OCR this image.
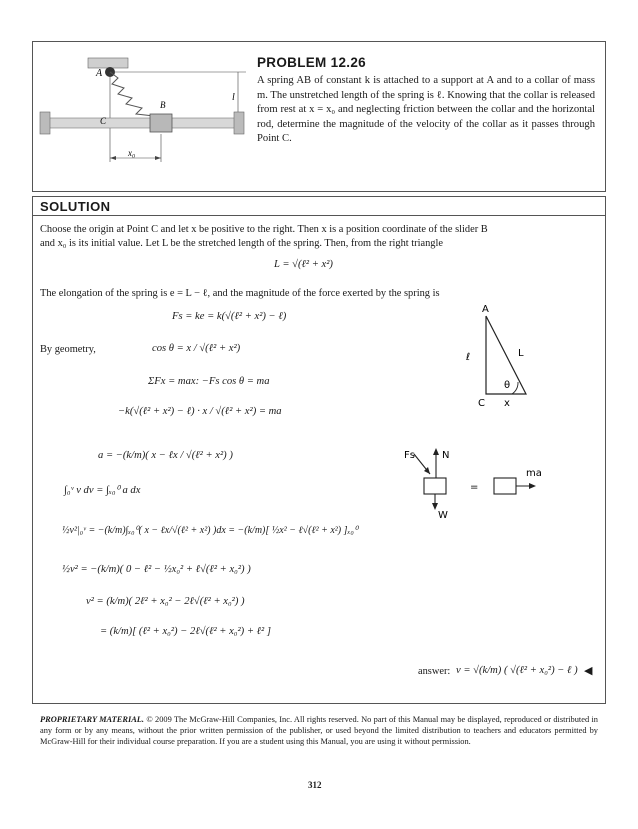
A
B
C
l
x₀
PROBLEM 12.26
A spring AB of constant k is attached to a support at A and to a collar of mass m. The unstretched length of the spring is ℓ. Knowing that the collar is released from rest at x = x₀ and neglecting friction between the collar and the horizontal rod, determine the magnitude of the velocity of the collar as it passes through Point C.
SOLUTION
Choose the origin at Point C and let x be positive to the right. Then x is a position coordinate of the slider B
and x₀ is its initial value. Let L be the stretched length of the spring. Then, from the right triangle
L = √(ℓ² + x²)
The elongation of the spring is e = L − ℓ, and the magnitude of the force exerted by the spring is
Fs = ke = k(√(ℓ² + x²) − ℓ)
By geometry,	cos θ = x / √(ℓ² + x²)
ΣFx = max: −Fs cos θ = ma
−k(√(ℓ² + x²) − ℓ) · x / √(ℓ² + x²) = ma
a = −(k/m)( x − ℓx / √(ℓ² + x²) )
∫₀ᵛ v dv = ∫ₓ₀⁰ a dx
½v²|₀ᵛ = −(k/m)∫ₓ₀⁰( x − ℓx/√(ℓ² + x²) )dx = −(k/m)[ ½x² − ℓ√(ℓ² + x²) ]ₓ₀⁰
½v² = −(k/m)( 0 − ℓ² − ½x₀² + ℓ√(ℓ² + x₀²) )
v² = (k/m)( 2ℓ² + x₀² − 2ℓ√(ℓ² + x₀²) )
= (k/m)[ (ℓ² + x₀²) − 2ℓ√(ℓ² + x₀²) + ℓ² ]
answer: v = √(k/m) ( √(ℓ² + x₀²) − ℓ ) ◀
A
ℓ	L
θ
C x
Fs	N
W
=
ma
PROPRIETARY MATERIAL. © 2009 The McGraw-Hill Companies, Inc. All rights reserved. No part of this Manual may be displayed, reproduced or distributed in any form or by any means, without the prior written permission of the publisher, or used beyond the limited distribution to teachers and educators permitted by McGraw-Hill for their individual course preparation. If you are a student using this Manual, you are using it without permission.
312
